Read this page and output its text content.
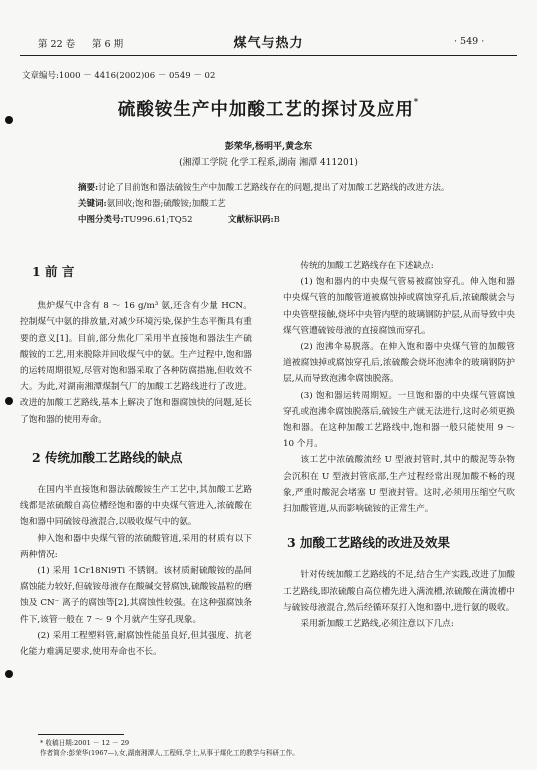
第 22 卷 第 6 期	煤气与热力	· 549 ·
文章编号:1000 － 4416(2002)06 － 0549 － 02
硫酸铵生产中加酸工艺的探讨及应用*
彭荣华,杨明平,黄念东
(湘潭工学院 化学工程系,湖南 湘潭 411201)
摘要:讨论了目前饱和器法硫铵生产中加酸工艺路线存在的问题,提出了对加酸工艺路线的改进方法。
关键词:氨回收;饱和器;硫酸铵;加酸工艺
中图分类号:TU996.61;TQ52	文献标识码:B

1 前 言

焦炉煤气中含有 8 ～ 16 g/m³ 氨,还含有少量 HCN。控制煤气中氨的排放量,对减少环境污染,保护生态平衡具有重要的意义[1]。目前,部分焦化厂采用半直接饱和器法生产硫酸铵的工艺,用来脱除并回收煤气中的氨。生产过程中,饱和器的运转周期很短,尽管对饱和器采取了各种防腐措施,但收效不大。为此,对湖南湘潭煤制气厂的加酸工艺路线进行了改进。改进的加酸工艺路线,基本上解决了饱和器腐蚀快的问题,延长了饱和器的使用寿命。

2 传统加酸工艺路线的缺点

在国内半直接饱和器法硫酸铵生产工艺中,其加酸工艺路线都是浓硫酸自高位槽经饱和器的中央煤气管进入,浓硫酸在饱和器中同硫铵母液混合,以吸收煤气中的氨。

伸入饱和器中央煤气管的浓硫酸管道,采用的材质有以下两种情况:

(1) 采用 1Cr18Ni9Ti 不锈钢。该材质耐硫酸铵的晶间腐蚀能力较好,但硫铵母液存在酸碱交替腐蚀,硫酸铵晶粒的磨蚀及 CN⁻ 离子的腐蚀等[2],其腐蚀性较强。在这种强腐蚀条件下,该管一般在 7 ～ 9 个月就产生穿孔现象。

(2) 采用工程塑料管,耐腐蚀性能虽良好,但其强度、抗老化能力难满足要求,使用寿命也不长。

传统的加酸工艺路线存在下述缺点:

(1) 饱和器内的中央煤气管易被腐蚀穿孔。伸入饱和器中央煤气管的加酸管道被腐蚀掉或腐蚀穿孔后,浓硫酸就会与中央管壁接触,烧坏中央管内壁的玻璃钢防护层,从而导致中央煤气管遭硫铵母液的直接腐蚀而穿孔。

(2) 泡沸伞易脱落。在伸入饱和器中央煤气管的加酸管道被腐蚀掉或腐蚀穿孔后,浓硫酸会烧坏泡沸伞的玻璃钢防护层,从而导致泡沸伞腐蚀脱落。

(3) 饱和器运转周期短。一旦饱和器的中央煤气管腐蚀穿孔或泡沸伞腐蚀脱落后,硫铵生产就无法进行,这时必须更换饱和器。在这种加酸工艺路线中,饱和器一般只能使用 9 ～ 10 个月。

该工艺中浓硫酸流经 U 型液封管时,其中的酸泥等杂物会沉积在 U 型液封管底部,生产过程经常出现加酸不畅的现象,严重时酸泥会堵塞 U 型液封管。这时,必须用压缩空气吹扫加酸管道,从而影响硫铵的正常生产。

3 加酸工艺路线的改进及效果

针对传统加酸工艺路线的不足,结合生产实践,改进了加酸工艺路线,即浓硫酸自高位槽先进入满流槽,浓硫酸在满流槽中与硫铵母液混合,然后经循环泵打入饱和器中,进行氨的吸收。

采用新加酸工艺路线,必须注意以下几点:

* 收稿日期:2001 － 12 － 29
作者简介:彭荣华(1967—),女,湖南湘潭人,工程师,学士,从事于煤化工的教学与科研工作。
